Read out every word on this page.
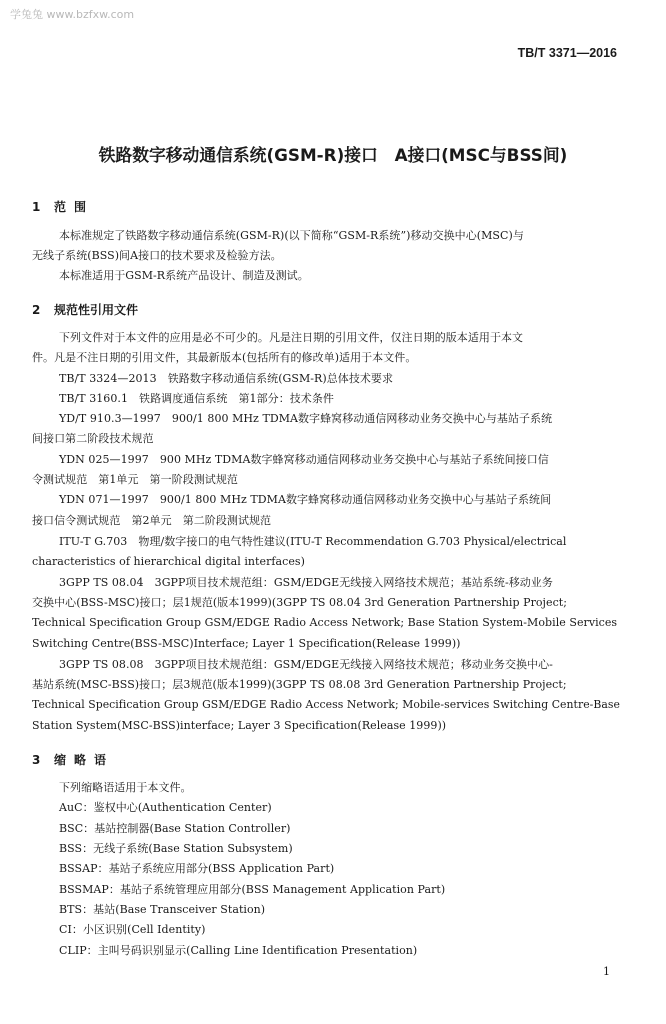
学兔兔 www.bzfxw.com
TB/T 3371—2016
铁路数字移动通信系统(GSM-R)接口　A接口(MSC与BSS间)
1 范围
本标准规定了铁路数字移动通信系统(GSM-R)(以下简称“GSM-R系统”)移动交换中心(MSC)与
无线子系统(BSS)间A接口的技术要求及检验方法。
本标准适用于GSM-R系统产品设计、制造及测试。
2 规范性引用文件
下列文件对于本文件的应用是必不可少的。凡是注日期的引用文件，仅注日期的版本适用于本文
件。凡是不注日期的引用文件，其最新版本(包括所有的修改单)适用于本文件。
TB/T 3324—2013　铁路数字移动通信系统(GSM-R)总体技术要求
TB/T 3160.1　铁路调度通信系统　第1部分：技术条件
YD/T 910.3—1997　900/1 800 MHz TDMA数字蜂窝移动通信网移动业务交换中心与基站子系统
间接口第二阶段技术规范
YDN 025—1997　900 MHz TDMA数字蜂窝移动通信网移动业务交换中心与基站子系统间接口信
令测试规范　第1单元　第一阶段测试规范
YDN 071—1997　900/1 800 MHz TDMA数字蜂窝移动通信网移动业务交换中心与基站子系统间
接口信令测试规范　第2单元　第二阶段测试规范
ITU-T G.703　物理/数字接口的电气特性建议(ITU-T Recommendation G.703 Physical/electrical
characteristics of hierarchical digital interfaces)
3GPP TS 08.04　3GPP项目技术规范组：GSM/EDGE无线接入网络技术规范；基站系统-移动业务
交换中心(BSS-MSC)接口；层1规范(版本1999)(3GPP TS 08.04 3rd Generation Partnership Project;
Technical Specification Group GSM/EDGE Radio Access Network; Base Station System-Mobile Services
Switching Centre(BSS-MSC)Interface; Layer 1 Specification(Release 1999))
3GPP TS 08.08　3GPP项目技术规范组：GSM/EDGE无线接入网络技术规范；移动业务交换中心-
基站系统(MSC-BSS)接口；层3规范(版本1999)(3GPP TS 08.08 3rd Generation Partnership Project;
Technical Specification Group GSM/EDGE Radio Access Network; Mobile-services Switching Centre-Base
Station System(MSC-BSS)interface; Layer 3 Specification(Release 1999))
3 缩略语
下列缩略语适用于本文件。
AuC：鉴权中心(Authentication Center)
BSC：基站控制器(Base Station Controller)
BSS：无线子系统(Base Station Subsystem)
BSSAP：基站子系统应用部分(BSS Application Part)
BSSMAP：基站子系统管理应用部分(BSS Management Application Part)
BTS：基站(Base Transceiver Station)
CI：小区识别(Cell Identity)
CLIP：主叫号码识别显示(Calling Line Identification Presentation)
1
